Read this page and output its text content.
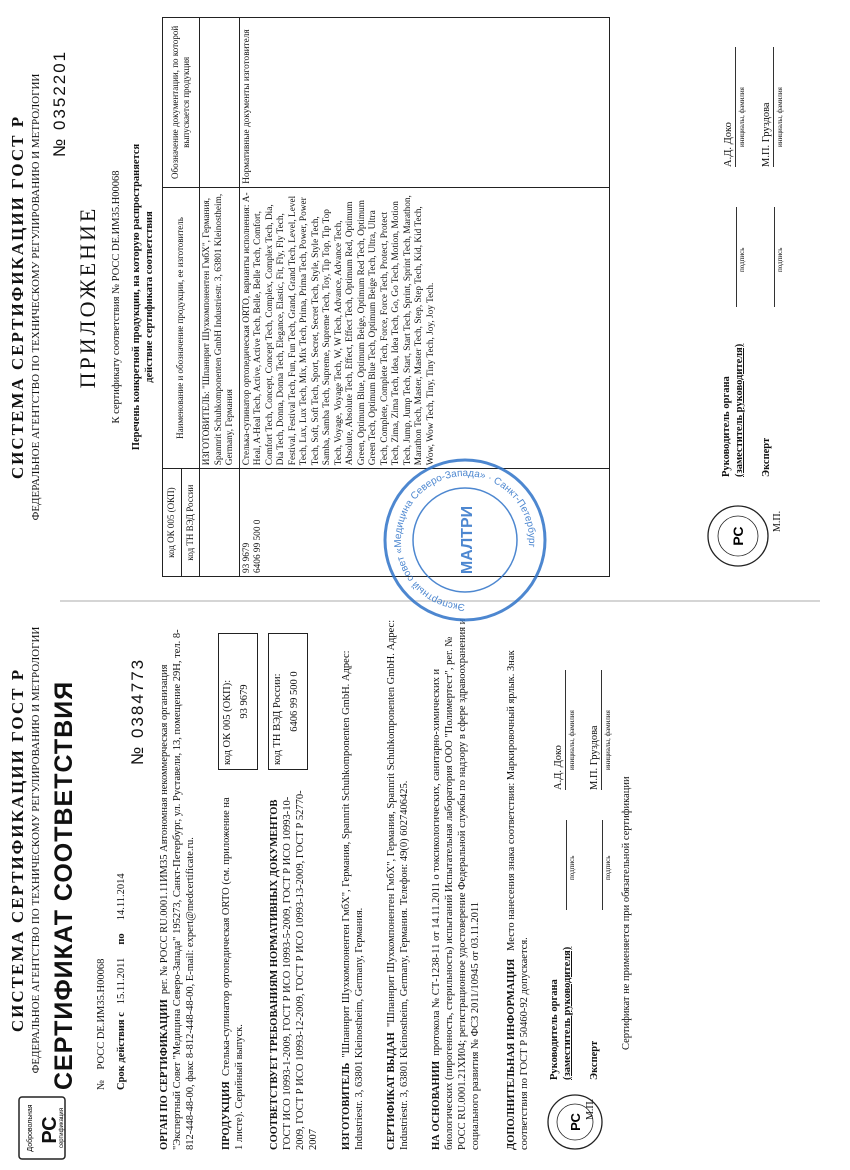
Добровольная РС
сертификация
СИСТЕМА СЕРТИФИКАЦИИ ГОСТ Р ФЕДЕРАЛЬНОЕ АГЕНТСТВО ПО ТЕХНИЧЕСКОМУ РЕГУЛИРОВАНИЮ И МЕТРОЛОГИИ СЕРТИФИКАТ СООТВЕТСТВИЯ №    РОСС DE.ИМ35.Н00068 Срок действия с   15.11.2011     по     14.11.2014
№ 0384773
ОРГАН ПО СЕРТИФИКАЦИИ  рег. № РОСС RU.0001.11ИМ35 Автономная некоммерческая организация "Экспертный Совет "Медицина Северо-Запада" 195273, Санкт-Петербург, ул. Руставели, 13, помещение 29Н, тел. 8-812-448-48-00, факс 8-812-448-48-00, E-mail: expert@medcertificate.ru. ПРОДУКЦИЯ  Стелька-супинатор ортопедическая ORTO (см. приложение на 1 листе). Серийный выпуск.
код ОК 005 (ОКП): 93 9679
СООТВЕТСТВУЕТ ТРЕБОВАНИЯМ НОРМАТИВНЫХ ДОКУМЕНТОВ ГОСТ ИСО 10993-1-2009, ГОСТ Р ИСО 10993-5-2009, ГОСТ Р ИСО 10993-10-2009, ГОСТ Р ИСО 10993-12-2009, ГОСТ Р ИСО 10993-13-2009, ГОСТ Р 52770-2007
код ТН ВЭД России: 6406 99 500 0
ИЗГОТОВИТЕЛЬ  "Шпаннрит Шухкомпонентен ГмбХ", Германия, Spannrit Schuhkomponenten GmbH. Адрес: Industriestr. 3, 63801 Kleinostheim, Germany, Германия. СЕРТИФИКАТ ВЫДАН  "Шпаннрит Шухкомпонентен ГмбХ", Германия, Spannrit Schuhkomponenten GmbH. Адрес: Industriestr. 3, 63801 Kleinostheim, Germany, Германия. Телефон: 49(0) 6027406425. НА ОСНОВАНИИ  протокола № СТ-1238-11 от 14.11.2011 о токсикологических, санитарно-химических и биологических (пирогенность, стерильность) испытаний Испытательная лаборатория ООО "Полимертест", рег. № РОСС RU.0001.21ХИ04; регистрационное удостоверение Федеральной службы по надзору в сфере здравоохранения и социального развития № ФСЗ 2011/10945 от 03.11.2011 ДОПОЛНИТЕЛЬНАЯ ИНФОРМАЦИЯ   Место нанесения знака соответствия: Маркировочный ярлык. Знак соответствия по ГОСТ Р 50460-92 допускается.	РС
М.П.
Руководитель органа (заместитель руководителя)
подпись
А.Д. Доко инициалы, фамилия
Эксперт
подпись
М.П. Груздова инициалы, фамилия
Сертификат не применяется при обязательной сертификации
СИСТЕМА СЕРТИФИКАЦИИ ГОСТ Р ФЕДЕРАЛЬНОЕ АГЕНТСТВО ПО ТЕХНИЧЕСКОМУ РЕГУЛИРОВАНИЮ И МЕТРОЛОГИИ № 0352201
ПРИЛОЖЕНИЕ К сертификату соответствия № РОСС DE.ИМ35.Н00068 Перечень конкретной продукции, на которую распространяется действие сертификата соответствия
код ОК 005 (ОКП) код ТН ВЭД России	Наименование и обозначение продукции, ее изготовитель	Обозначение документации, по которой выпускается продукция
	ИЗГОТОВИТЕЛЬ: "Шпаннрит Шухкомпонентен ГмбХ", Германия, Spannrit Schuhkomponenten GmbH Industriestr. 3, 63801 Kleinostheim, Germany, Германия	

93 9679 6406 99 500 0	Стелька-супинатор ортопедическая ORTO, варианты исполнения: A-Heal, A-Heal Tech, Active, Active Tech, Belle, Belle Tech, Comfort, Comfort Tech, Concept, Concept Tech, Complex, Complex Tech, Dia, Dia Tech, Donna, Donna Tech, Elegance, Elastic, Fit, Fly, Fly Tech, Festival, Festival Tech, Fun, Fun Tech, Grand, Grand Tech, Level, Level Tech, Lux, Lux Tech, Mix, Mix Tech, Prima, Prima Tech, Power, Power Tech, Soft, Soft Tech, Sport, Secret, Secret Tech, Style, Style Tech, Samba, Samba Tech, Supreme, Supreme Tech, Toy, Tip Top, Tip Top Tech, Voyage, Voyage Tech, W, W Tech, Advance, Advance Tech, Absolute, Absolute Tech, Effect, Effect Tech, Optimum Red, Optimum Green, Optimum Blue, Optimum Beige, Optimum Red Tech, Optimum Green Tech, Optimum Blue Tech, Optimum Beige Tech, Ultra, Ultra Tech, Complete, Complete Tech, Force, Force Tech, Protect, Protect Tech, Zima, Zima Tech, Idea, Idea Tech, Go, Go Tech, Motion, Motion Tech, Jump, Jump Tech, Start, Start Tech, Sprint, Sprint Tech, Marathon, Marathon Tech, Master, Master Tech, Step, Step Tech, Kid, Kid Tech, Wow, Wow Tech, Tiny, Tiny Tech, Joy, Joy Tech.	Нормативные документы изготовителя
РС
М.П.
Руководитель органа (заместитель руководителя)
подпись
А.Д. Доко инициалы, фамилия
Эксперт
подпись
М.П. Груздова инициалы, фамилия
Экспертный совет «Медицина Северо-Запада» · Санкт-Петербург
МАЛТРИ
